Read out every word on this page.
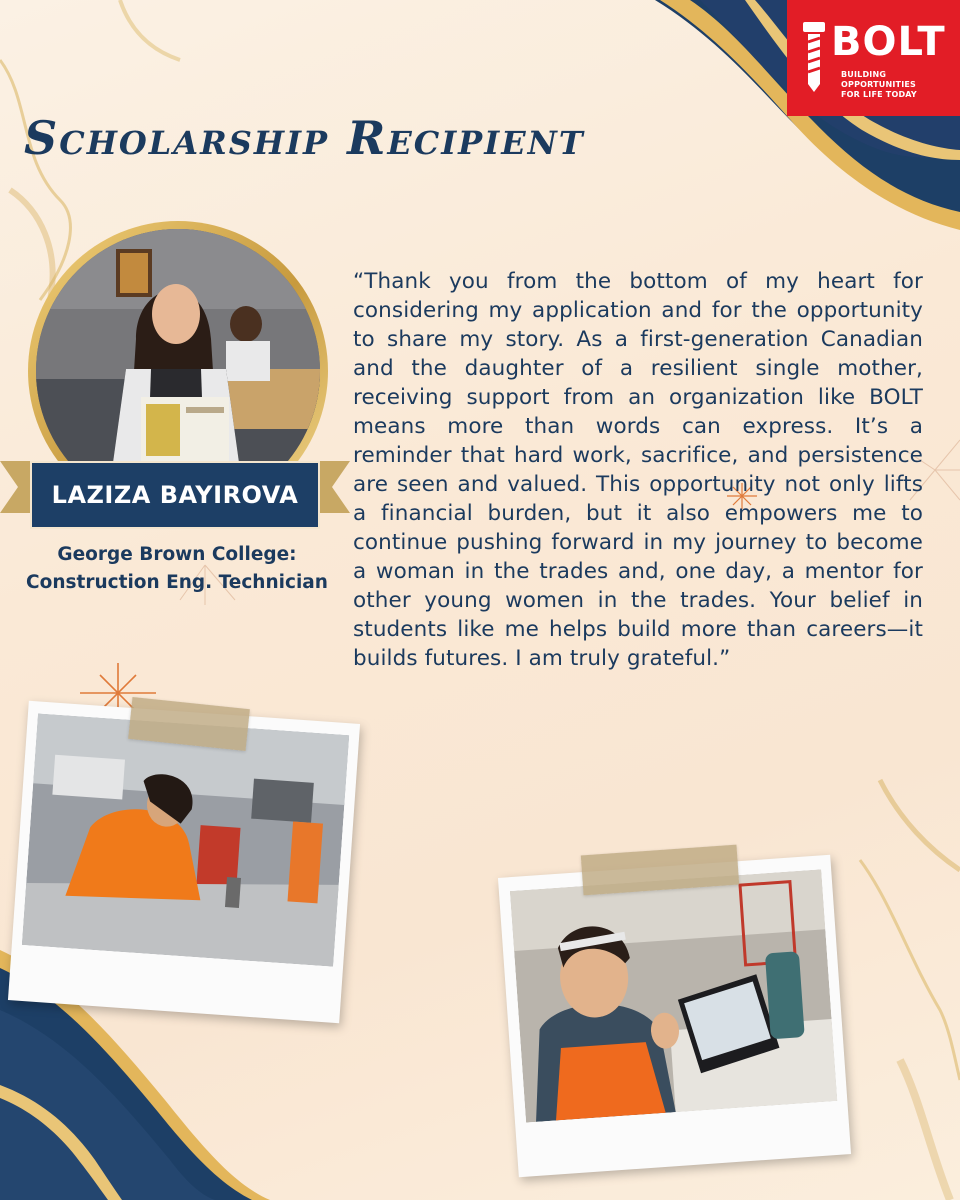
BOLT
BUILDING OPPORTUNITIES
FOR LIFE TODAY
Scholarship Recipient
LAZIZA BAYIROVA
George Brown College:
Construction Eng. Technician
“Thank you from the bottom of my heart for considering my application and for the opportunity to share my story. As a first-generation Canadian and the daughter of a resilient single mother, receiving support from an organization like BOLT means more than words can express. It’s a reminder that hard work, sacrifice, and persistence are seen and valued. This opportunity not only lifts a financial burden, but it also empowers me to continue pushing forward in my journey to become a woman in the trades and, one day, a mentor for other young women in the trades. Your belief in students like me helps build more than careers—it builds futures. I am truly grateful.”
